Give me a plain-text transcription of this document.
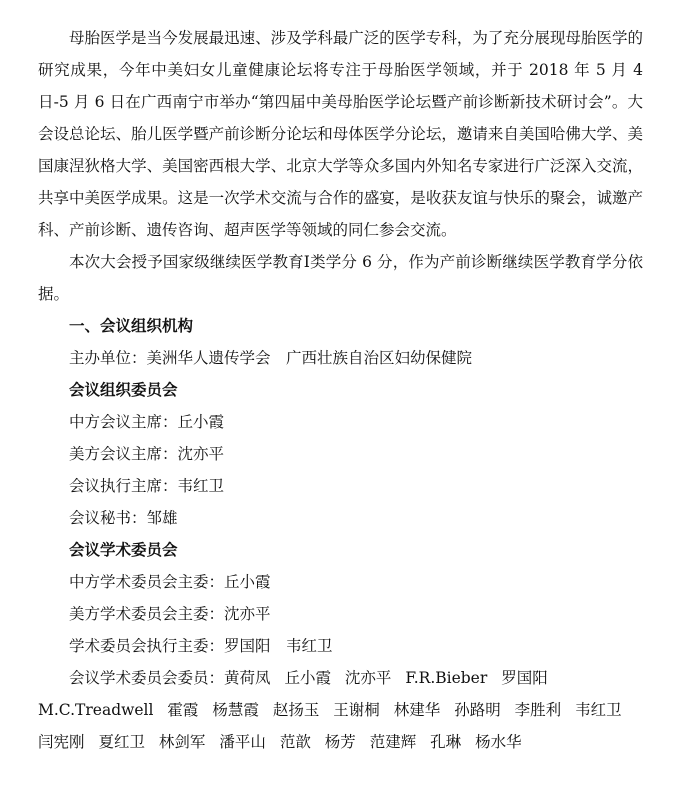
母胎医学是当今发展最迅速、涉及学科最广泛的医学专科，为了充分展现母胎医学的研究成果，今年中美妇女儿童健康论坛将专注于母胎医学领域，并于 2018 年 5 月 4 日-5 月 6 日在广西南宁市举办“第四届中美母胎医学论坛暨产前诊断新技术研讨会”。大会设总论坛、胎儿医学暨产前诊断分论坛和母体医学分论坛，邀请来自美国哈佛大学、美国康涅狄格大学、美国密西根大学、北京大学等众多国内外知名专家进行广泛深入交流，共享中美医学成果。这是一次学术交流与合作的盛宴，是收获友谊与快乐的聚会，诚邀产科、产前诊断、遗传咨询、超声医学等领域的同仁参会交流。

本次大会授予国家级继续医学教育Ⅰ类学分 6 分，作为产前诊断继续医学教育学分依据。

一、会议组织机构

主办单位：美洲华人遗传学会　广西壮族自治区妇幼保健院

会议组织委员会

中方会议主席：丘小霞

美方会议主席：沈亦平

会议执行主席：韦红卫

会议秘书：邹雄

会议学术委员会

中方学术委员会主委：丘小霞

美方学术委员会主委：沈亦平

学术委员会执行主委：罗国阳　韦红卫

会议学术委员会委员：黄荷凤 丘小霞 沈亦平 F.R.Bieber 罗国阳 M.C.Treadwell 霍霞 杨慧霞 赵扬玉 王谢桐 林建华 孙路明 李胜利 韦红卫 闫宪刚 夏红卫 林剑军 潘平山 范歆 杨芳 范建辉 孔琳 杨水华
